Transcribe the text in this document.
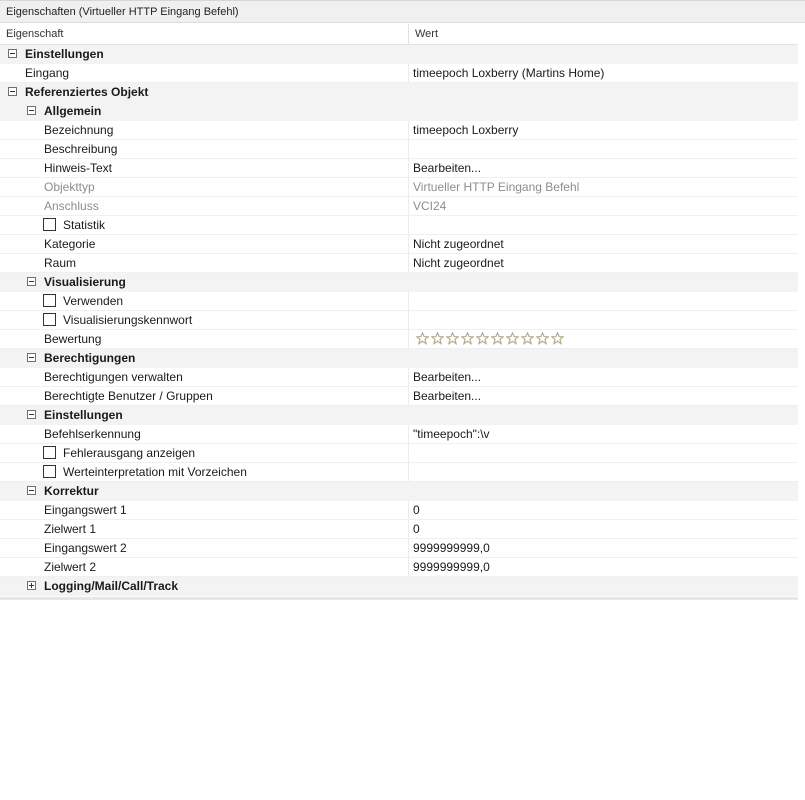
Eigenschaften (Virtueller HTTP Eingang Befehl)
Eigenschaft	Wert
Einstellungen
Eingang	timeepoch Loxberry (Martins Home)
Referenziertes Objekt
Allgemein
Bezeichnung	timeepoch Loxberry
Beschreibung
Hinweis-Text	Bearbeiten...
Objekttyp	Virtueller HTTP Eingang Befehl
Anschluss	VCI24
Statistik
Kategorie	Nicht zugeordnet
Raum	Nicht zugeordnet
Visualisierung
Verwenden
Visualisierungskennwort
Bewertung
Berechtigungen
Berechtigungen verwalten	Bearbeiten...
Berechtigte Benutzer / Gruppen	Bearbeiten...
Einstellungen
Befehlserkennung	"timeepoch":\v
Fehlerausgang anzeigen
Werteinterpretation mit Vorzeichen
Korrektur
Eingangswert 1	0
Zielwert 1	0
Eingangswert 2	9999999999,0
Zielwert 2	9999999999,0
Logging/Mail/Call/Track
